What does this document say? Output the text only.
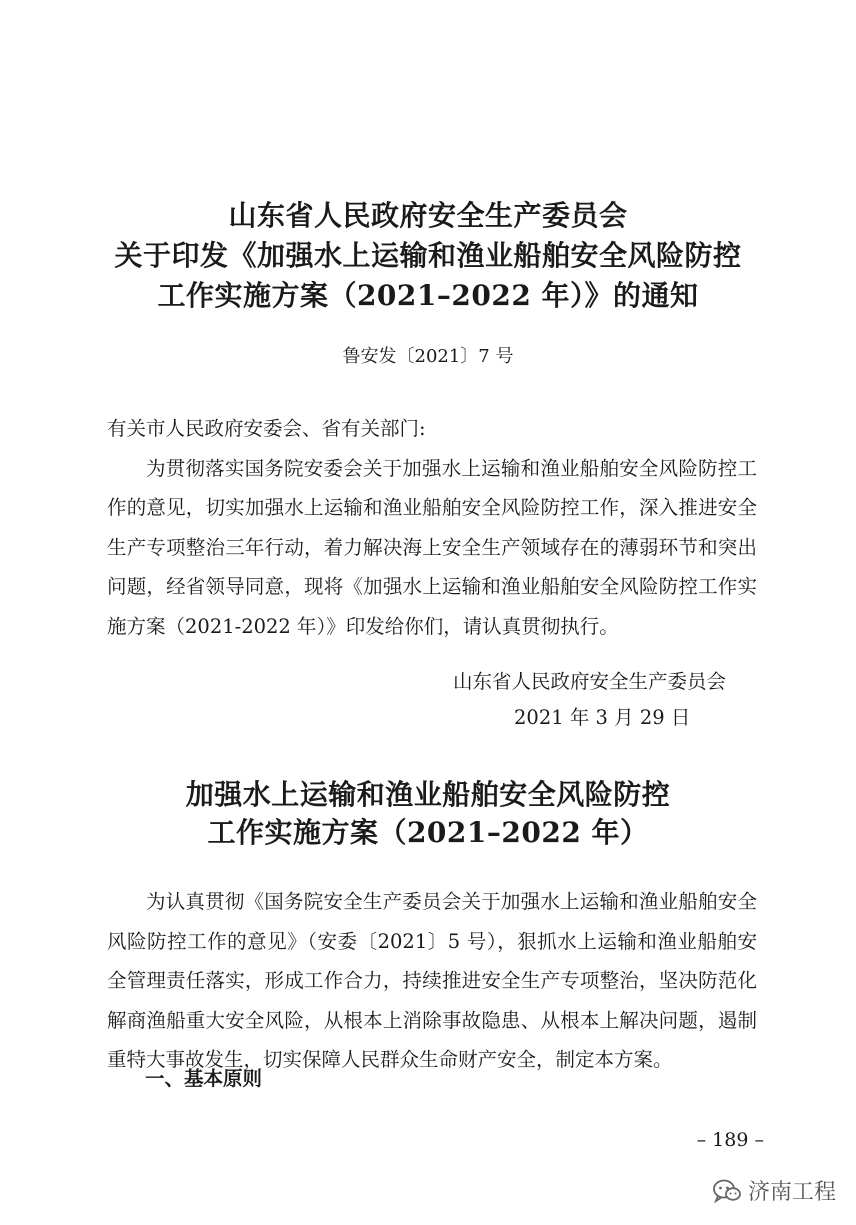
山东省人民政府安全生产委员会
关于印发《加强水上运输和渔业船舶安全风险防控
工作实施方案（2021–2022 年）》的通知
鲁安发〔2021〕7 号

有关市人民政府安委会、省有关部门:

为贯彻落实国务院安委会关于加强水上运输和渔业船舶安全风险防控工作的意见，切实加强水上运输和渔业船舶安全风险防控工作，深入推进安全生产专项整治三年行动，着力解决海上安全生产领域存在的薄弱环节和突出问题，经省领导同意，现将《加强水上运输和渔业船舶安全风险防控工作实施方案（2021-2022 年）》印发给你们，请认真贯彻执行。

山东省人民政府安全生产委员会
2021 年 3 月 29 日
加强水上运输和渔业船舶安全风险防控
工作实施方案（2021–2022 年）

为认真贯彻《国务院安全生产委员会关于加强水上运输和渔业船舶安全风险防控工作的意见》（安委〔2021〕5 号），狠抓水上运输和渔业船舶安全管理责任落实，形成工作合力，持续推进安全生产专项整治，坚决防范化解商渔船重大安全风险，从根本上消除事故隐患、从根本上解决问题，遏制重特大事故发生，切实保障人民群众生命财产安全，制定本方案。

一、基本原则
– 189 –
济南工程
